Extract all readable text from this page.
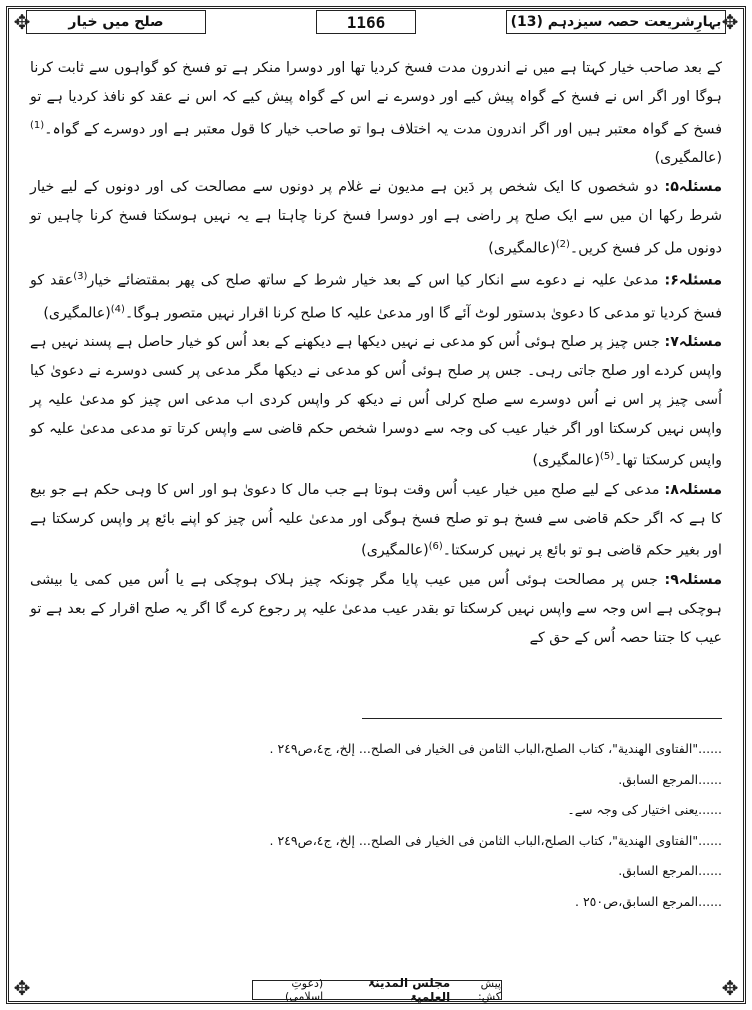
✥	✥
✥	✥
بہارِشریعت حصہ سیزدہم (13)
1166
صلح میں خیار

کے بعد صاحب خیار کہتا ہے میں نے اندرون مدت فسخ کردیا تھا اور دوسرا منکر ہے تو فسخ کو گواہوں سے ثابت کرنا ہوگا اور اگر اس نے فسخ کے گواہ پیش کیے اور دوسرے نے اس کے گواہ پیش کیے کہ اس نے عقد کو نافذ کردیا ہے تو فسخ کے گواہ معتبر ہیں اور اگر اندرون مدت یہ اختلاف ہوا تو صاحب خیار کا قول معتبر ہے اور دوسرے کے گواہ۔$^{(1)}$(عالمگیری)

مسئلہ۵: دو شخصوں کا ایک شخص پر دَین ہے مدیون نے غلام پر دونوں سے مصالحت کی اور دونوں کے لیے خیار شرط رکھا ان میں سے ایک صلح پر راضی ہے اور دوسرا فسخ کرنا چاہتا ہے یہ نہیں ہوسکتا فسخ کرنا چاہیں تو دونوں مل کر فسخ کریں۔$^{(2)}$(عالمگیری)

مسئلہ۶: مدعیٰ علیہ نے دعوے سے انکار کیا اس کے بعد خیار شرط کے ساتھ صلح کی پھر بمقتضائے خیار$^{(3)}$عقد کو فسخ کردیا تو مدعی کا دعویٰ بدستور لوٹ آئے گا اور مدعیٰ علیہ کا صلح کرنا اقرار نہیں متصور ہوگا۔$^{(4)}$(عالمگیری)

مسئلہ۷: جس چیز پر صلح ہوئی اُس کو مدعی نے نہیں دیکھا ہے دیکھنے کے بعد اُس کو خیار حاصل ہے پسند نہیں ہے واپس کردے اور صلح جاتی رہی۔ جس پر صلح ہوئی اُس کو مدعی نے دیکھا مگر مدعی پر کسی دوسرے نے دعویٰ کیا اُسی چیز پر اس نے اُس دوسرے سے صلح کرلی اُس نے دیکھ کر واپس کردی اب مدعی اس چیز کو مدعیٰ علیہ پر واپس نہیں کرسکتا اور اگر خیار عیب کی وجہ سے دوسرا شخص حکم قاضی سے واپس کرتا تو مدعی مدعیٰ علیہ کو واپس کرسکتا تھا۔$^{(5)}$(عالمگیری)

مسئلہ۸: مدعی کے لیے صلح میں خیار عیب اُس وقت ہوتا ہے جب مال کا دعویٰ ہو اور اس کا وہی حکم ہے جو بیع کا ہے کہ اگر حکم قاضی سے فسخ ہو تو صلح فسخ ہوگی اور مدعیٰ علیہ اُس چیز کو اپنے بائع پر واپس کرسکتا ہے اور بغیر حکم قاضی ہو تو بائع پر نہیں کرسکتا۔$^{(6)}$(عالمگیری)

مسئلہ۹: جس پر مصالحت ہوئی اُس میں عیب پایا مگر چونکہ چیز ہلاک ہوچکی ہے یا اُس میں کمی یا بیشی ہوچکی ہے اس وجہ سے واپس نہیں کرسکتا تو بقدر عیب مدعیٰ علیہ پر رجوع کرے گا اگر یہ صلح اقرار کے بعد ہے تو عیب کا جتنا حصہ اُس کے حق کے

......"الفتاوی الهندية"، كتاب الصلح،الباب الثامن فی الخيار فی الصلح... إلخ، ج٤،ص٢٤٩ .
......المرجع السابق.
......یعنی اختیار کی وجہ سے۔
......"الفتاوی الهندية"، كتاب الصلح،الباب الثامن فی الخيار فی الصلح... إلخ، ج٤،ص٢٤٩ .
......المرجع السابق.
......المرجع السابق،ص٢٥٠ .
پیش کش:
مجلس المدینۃ العلمیۃ
(دعوتِ اسلامی)
